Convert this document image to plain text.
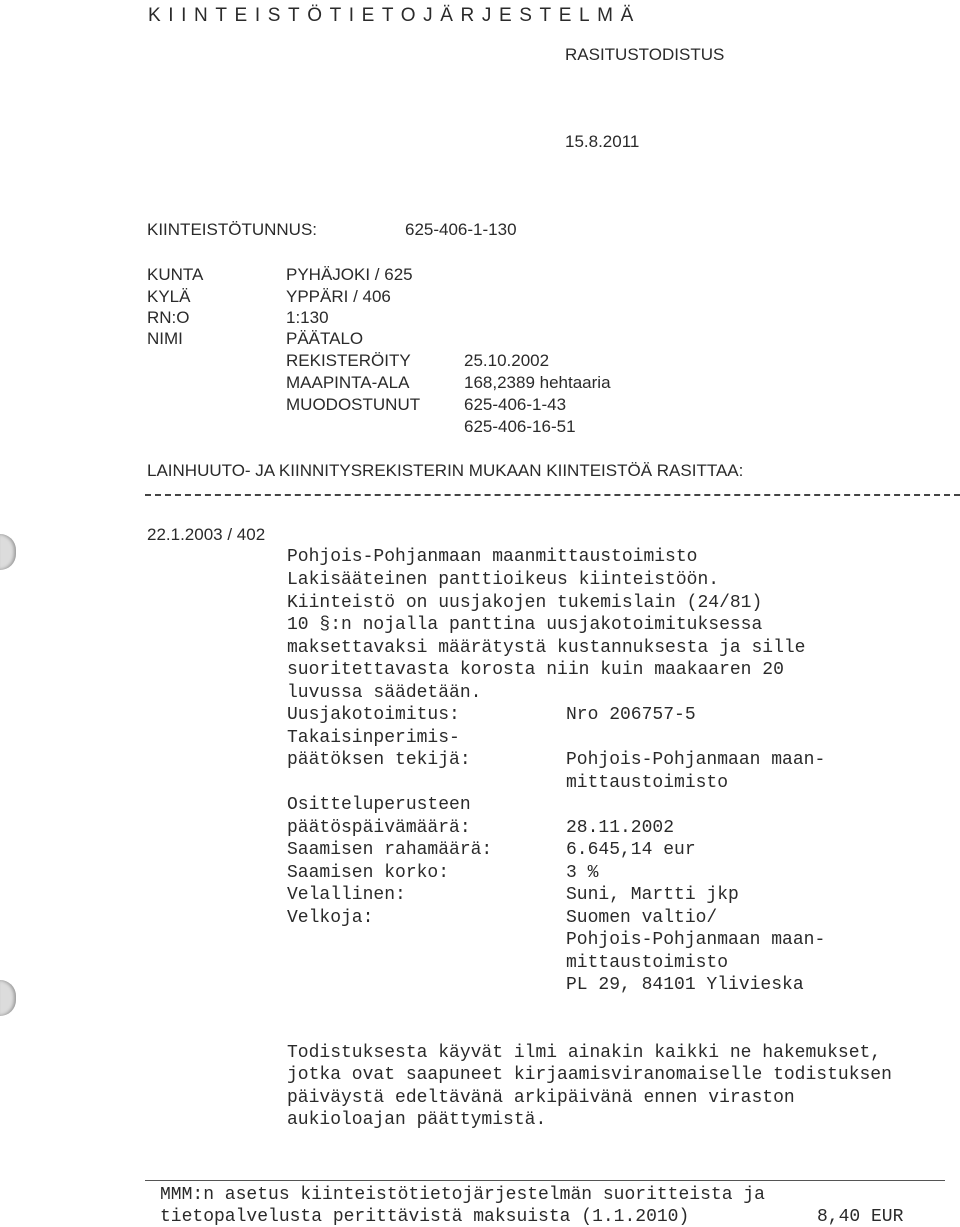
KIINTEISTÖTIETOJÄRJESTELMÄ
RASITUSTODISTUS
15.8.2011
KIINTEISTÖTUNNUS:	625-406-1-130
KUNTA	PYHÄJOKI / 625
KYLÄ	YPPÄRI / 406
RN:O	1:130
NIMI	PÄÄTALO
REKISTERÖITY	25.10.2002
MAAPINTA-ALA	168,2389 hehtaaria
MUODOSTUNUT	625-406-1-43
625-406-16-51
LAINHUUTO- JA KIINNITYSREKISTERIN MUKAAN KIINTEISTÖÄ RASITTAA:
22.1.2003 / 402
Pohjois-Pohjanmaan maanmittaustoimisto
Lakisääteinen panttioikeus kiinteistöön.
Kiinteistö on uusjakojen tukemislain (24/81)
10 §:n nojalla panttina uusjakotoimituksessa
maksettavaksi määrätystä kustannuksesta ja sille
suoritettavasta korosta niin kuin maakaaren 20
luvussa säädetään.
Uusjakotoimitus:	Nro 206757-5
Takaisinperimis-
päätöksen tekijä:	Pohjois-Pohjanmaan maan-
mittaustoimisto
Ositteluperusteen
päätöspäivämäärä:	28.11.2002
Saamisen rahamäärä:	6.645,14 eur
Saamisen korko:	3 %
Velallinen:	Suni, Martti jkp
Velkoja:	Suomen valtio/
Pohjois-Pohjanmaan maan-
mittaustoimisto
PL 29, 84101 Ylivieska
Todistuksesta käyvät ilmi ainakin kaikki ne hakemukset,
jotka ovat saapuneet kirjaamisviranomaiselle todistuksen
päiväystä edeltävänä arkipäivänä ennen viraston
aukioloajan päättymistä.
MMM:n asetus kiinteistötietojärjestelmän suoritteista ja
tietopalvelusta perittävistä maksuista (1.1.2010)	8,40 EUR
